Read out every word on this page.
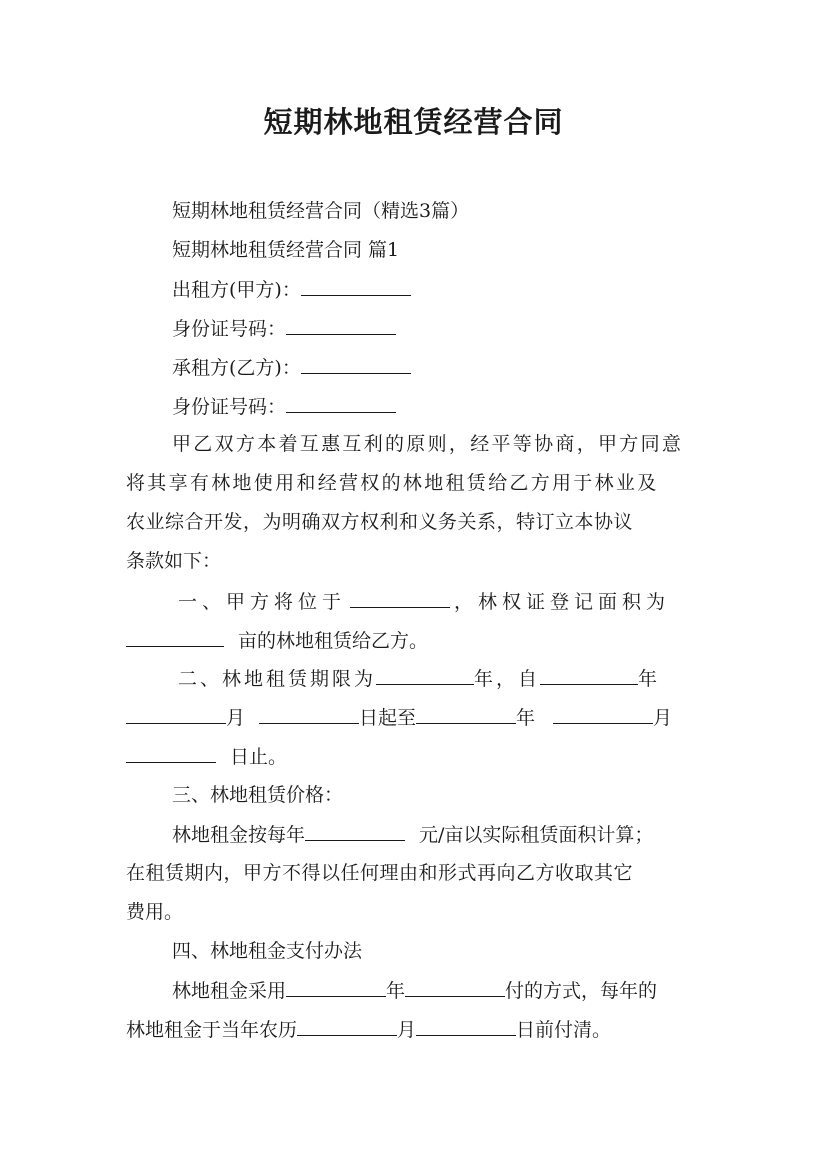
短期林地租赁经营合同
短期林地租赁经营合同（精选3篇）
短期林地租赁经营合同 篇1
出租方(甲方)：
身份证号码：
承租方(乙方)：
身份证号码：
甲乙双方本着互惠互利的原则，经平等协商，甲方同意
将其享有林地使用和经营权的林地租赁给乙方用于林业及
农业综合开发，为明确双方权利和义务关系，特订立本协议
条款如下：
一、甲方将位于	，林权证登记面积为
亩的林地租赁给乙方。
二、林地租赁期限为	年，自	年
月	日起至	年	月
日止。
三、林地租赁价格：
林地租金按每年	元/亩以实际租赁面积计算；
在租赁期内，甲方不得以任何理由和形式再向乙方收取其它
费用。
四、林地租金支付办法
林地租金采用	年	付的方式，每年的
林地租金于当年农历	月	日前付清。
